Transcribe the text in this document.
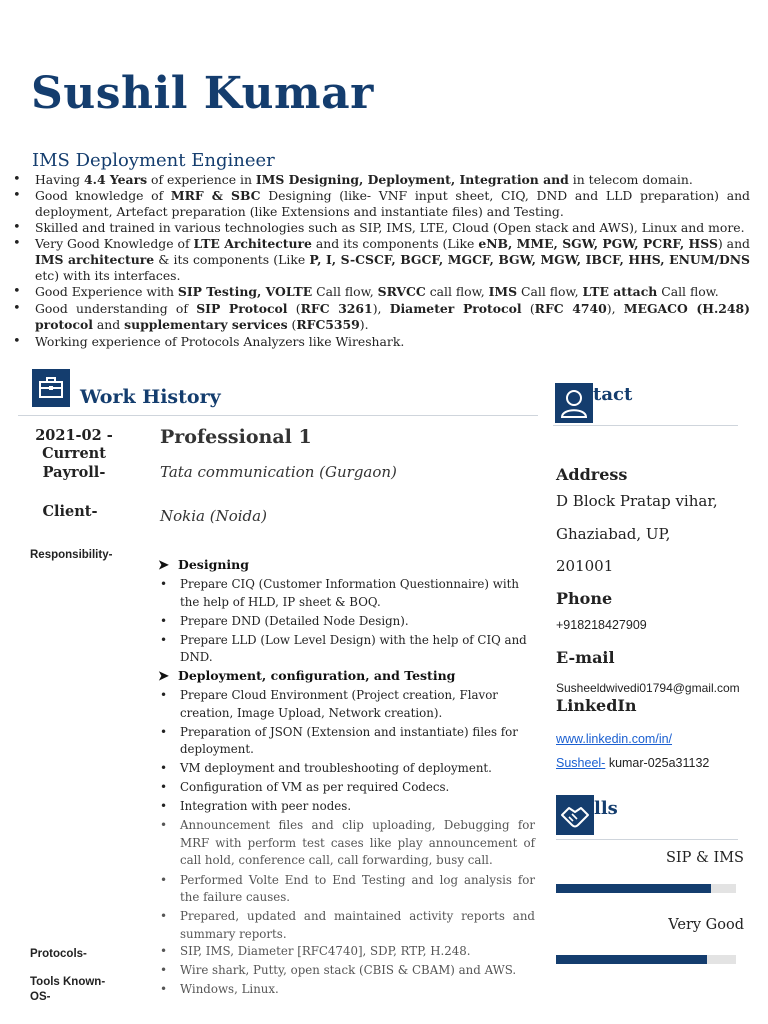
Sushil Kumar
IMS Deployment Engineer
• Having 4.4 Years of experience in IMS Designing, Deployment, Integration and in telecom domain.
• Good knowledge of MRF & SBC Designing (like- VNF input sheet, CIQ, DND and LLD preparation) and deployment, Artefact preparation (like Extensions and instantiate files) and Testing.
• Skilled and trained in various technologies such as SIP, IMS, LTE, Cloud (Open stack and AWS), Linux and more.
• Very Good Knowledge of LTE Architecture and its components (Like eNB, MME, SGW, PGW, PCRF, HSS) and IMS architecture & its components (Like P, I, S-CSCF, BGCF, MGCF, BGW, MGW, IBCF, HHS, ENUM/DNS etc) with its interfaces.
• Good Experience with SIP Testing, VOLTE Call flow, SRVCC call flow, IMS Call flow, LTE attach Call flow.
• Good understanding of SIP Protocol (RFC 3261), Diameter Protocol (RFC 4740), MEGACO (H.248) protocol and supplementary services (RFC5359).
• Working experience of Protocols Analyzers like Wireshark.
Work History	tact
2021-02 -
Current
Payroll-
Client-
Responsibility-
Protocols-
Tools Known-
OS-
Professional 1
Tata communication (Gurgaon)
Nokia (Noida)
➤ Designing
• Prepare CIQ (Customer Information Questionnaire) with the help of HLD, IP sheet & BOQ.
• Prepare DND (Detailed Node Design).
• Prepare LLD (Low Level Design) with the help of CIQ and DND.
➤ Deployment, configuration, and Testing
• Prepare Cloud Environment (Project creation, Flavor creation, Image Upload, Network creation).
• Preparation of JSON (Extension and instantiate) files for deployment.
• VM deployment and troubleshooting of deployment.
• Configuration of VM as per required Codecs.
• Integration with peer nodes.
• Announcement files and clip uploading, Debugging for MRF with perform test cases like play announcement of call hold, conference call, call forwarding, busy call.
• Performed Volte End to End Testing and log analysis for the failure causes.
• Prepared, updated and maintained activity reports and summary reports.
• SIP, IMS, Diameter [RFC4740], SDP, RTP, H.248.
• Wire shark, Putty, open stack (CBIS & CBAM) and AWS.
• Windows, Linux.
Address
D Block Pratap vihar,
Ghaziabad, UP,
201001
Phone
+918218427909
E-mail
Susheeldwivedi01794@gmail.com
LinkedIn
www.linkedin.com/in/
Susheel- kumar-025a31132
lls
SIP & IMS
Very Good
